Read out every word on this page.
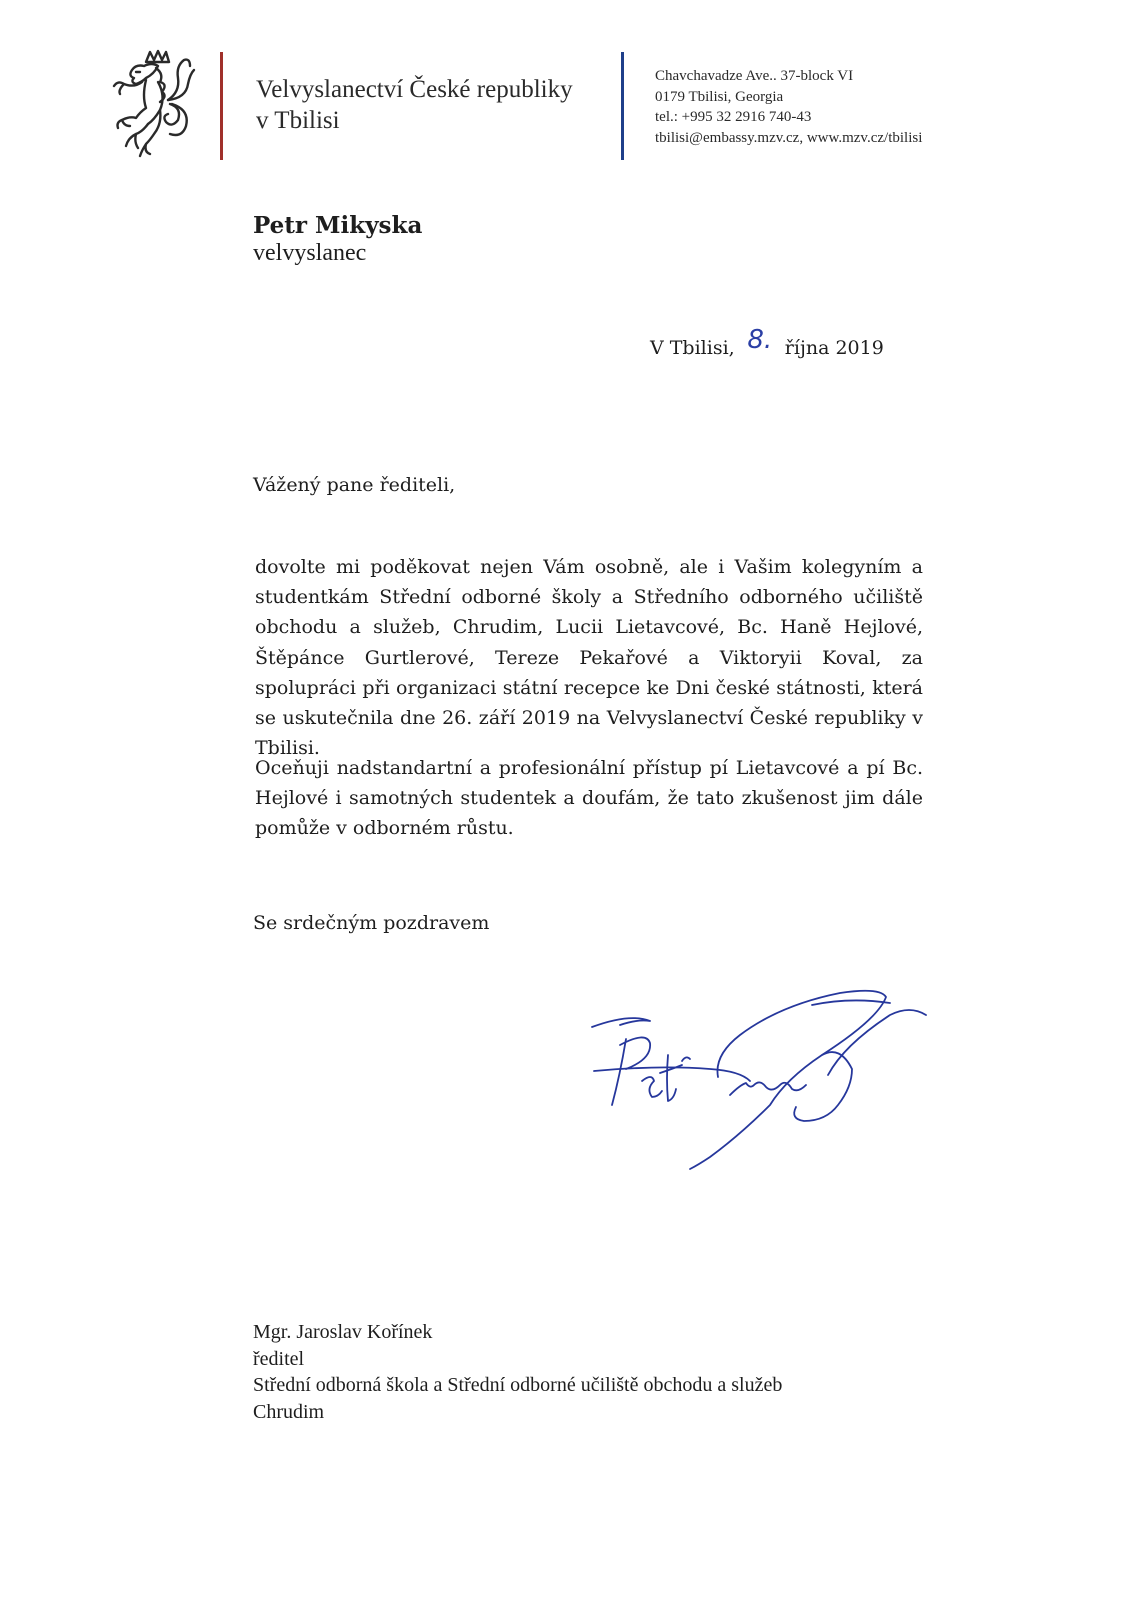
Velvyslanectví České republiky
v Tbilisi
Chavchavadze Ave.. 37-block VI
0179 Tbilisi, Georgia
tel.: +995 32 2916 740-43
tbilisi@embassy.mzv.cz, www.mzv.cz/tbilisi
Petr Mikyska
velvyslanec
V Tbilisi, 8. října 2019
Vážený pane řediteli,
dovolte mi poděkovat nejen Vám osobně, ale i Vašim kolegyním a studentkám Střední odborné školy a Středního odborného učiliště obchodu a služeb, Chrudim, Lucii Lietavcové, Bc. Haně Hejlové, Štěpánce Gurtlerové, Tereze Pekařové a Viktoryii Koval, za spolupráci při organizaci státní recepce ke Dni české státnosti, která se uskutečnila dne 26. září 2019 na Velvyslanectví České republiky v Tbilisi.
Oceňuji nadstandartní a profesionální přístup pí Lietavcové a pí Bc. Hejlové i samotných studentek a doufám, že tato zkušenost jim dále pomůže v odborném růstu.
Se srdečným pozdravem
Mgr. Jaroslav Kořínek
ředitel
Střední odborná škola a Střední odborné učiliště obchodu a služeb
Chrudim
